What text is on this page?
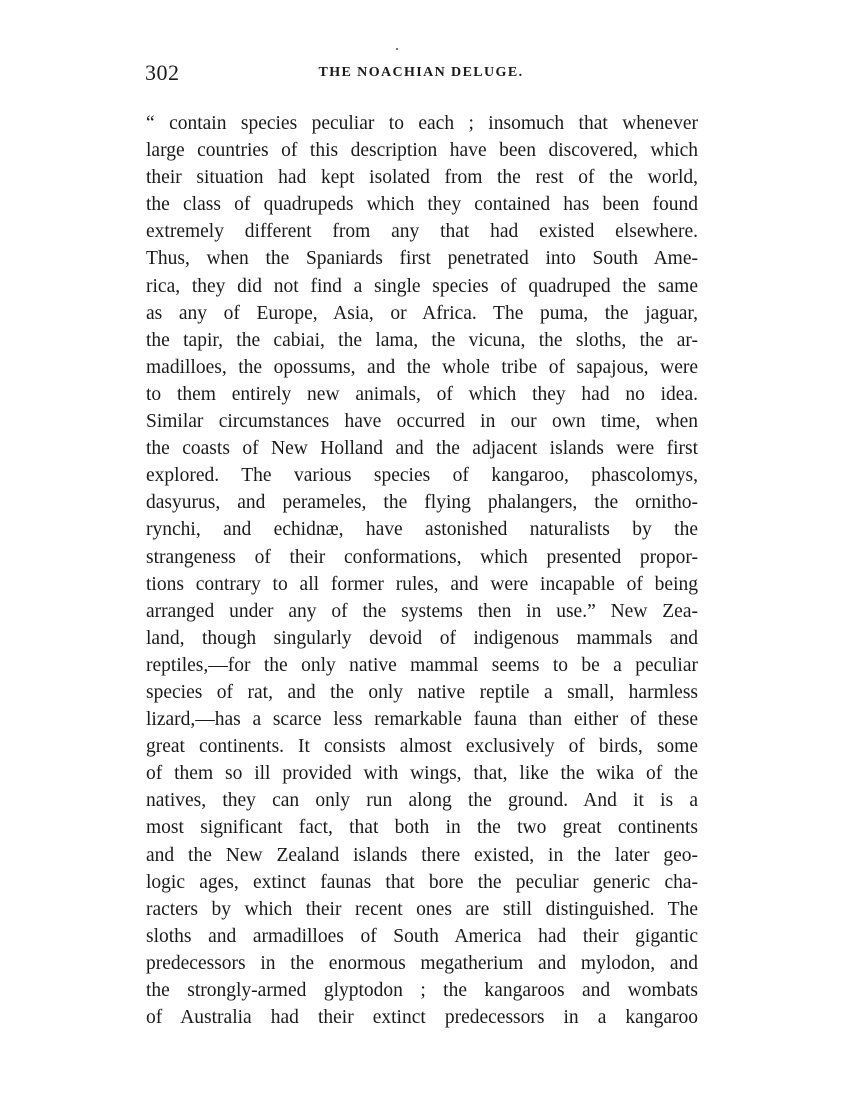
302	THE NOACHIAN DELUGE.
“ contain species peculiar to each ; insomuch that whenever
large countries of this description have been discovered, which
their situation had kept isolated from the rest of the world,
the class of quadrupeds which they contained has been found
extremely different from any that had existed elsewhere.
Thus, when the Spaniards first penetrated into South Ame-
rica, they did not find a single species of quadruped the same
as any of Europe, Asia, or Africa. The puma, the jaguar,
the tapir, the cabiai, the lama, the vicuna, the sloths, the ar-
madilloes, the opossums, and the whole tribe of sapajous, were
to them entirely new animals, of which they had no idea.
Similar circumstances have occurred in our own time, when
the coasts of New Holland and the adjacent islands were first
explored. The various species of kangaroo, phascolomys,
dasyurus, and perameles, the flying phalangers, the ornitho-
rynchi, and echidnæ, have astonished naturalists by the
strangeness of their conformations, which presented propor-
tions contrary to all former rules, and were incapable of being
arranged under any of the systems then in use.” New Zea-
land, though singularly devoid of indigenous mammals and
reptiles,—for the only native mammal seems to be a peculiar
species of rat, and the only native reptile a small, harmless
lizard,—has a scarce less remarkable fauna than either of these
great continents. It consists almost exclusively of birds, some
of them so ill provided with wings, that, like the wika of the
natives, they can only run along the ground. And it is a
most significant fact, that both in the two great continents
and the New Zealand islands there existed, in the later geo-
logic ages, extinct faunas that bore the peculiar generic cha-
racters by which their recent ones are still distinguished. The
sloths and armadilloes of South America had their gigantic
predecessors in the enormous megatherium and mylodon, and
the strongly-armed glyptodon ; the kangaroos and wombats
of Australia had their extinct predecessors in a kangaroo
